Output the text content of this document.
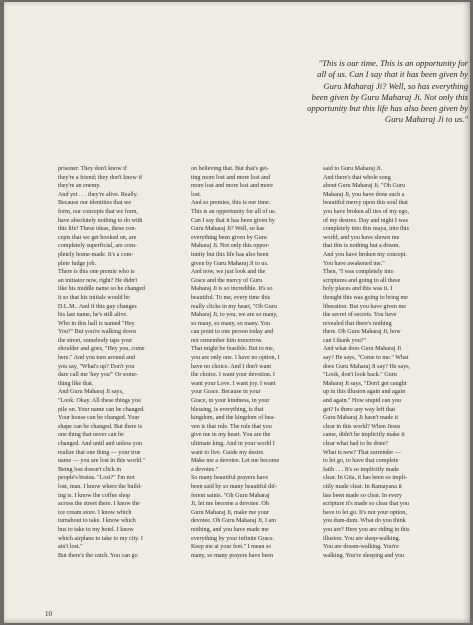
"This is our time. This is an opportunity for
all of us. Can I say that it has been given by
Guru Maharaj Ji? Well, so has everything
been given by Guru Maharaj Ji. Not only this
opportunity but this life has also been given by
Guru Maharaj Ji to us."
prisoner. They don't know if
they're a friend; they don't know if
they're an enemy.
And yet . . . they're alive. Really.
Because our identities that we
form, our concepts that we form,
have absolutely nothing to do with
this life! These ideas, these con-
cepts that we get hooked on, are
completely superficial, are com-
pletely home-made. It's a com-
plete fudge job.
There is this one premie who is
an initiator now, right? He didn't
like his middle name so he changed
it so that his initials would be
D.L.M.. And if this guy changes
his last name, he's still alive.
Who in this hall is named "Hey
You?" But you're walking down
the street, somebody taps your
shoulder and goes, "Hey you, come
here." And you turn around and
you say, "What's up? Don't you
dare call me 'hey you'" Or some-
thing like that.
And Guru Maharaj Ji says,
"Look. Okay. All these things you
pile on. Your name can be changed.
Your house can be changed. Your
shape can be changed. But there is
one thing that never can be
changed. And until and unless you
realize that one thing — your true
name — you are lost in this world."
Being lost doesn't click in
people's brains. "Lost?" I'm not
lost, man. I know where the build-
ing is. I know the coffee shop
across the street there. I know the
ice cream store. I know which
turnabout to take. I know which
bus to take to my hotel. I know
which airplane to take to my city. I
ain't lost."
But there's the catch. You can go
on believing that. But that's get-
ting more lost and more lost and
more lost and more lost and more
lost.
And so premies, this is our time.
This is an opportunity for all of us.
Can I say that it has been given by
Guru Maharaj Ji? Well, so has
everything been given by Guru
Maharaj Ji. Not only this oppor-
tunity but this life has also been
given by Guru Maharaj Ji to us.
And now, we just look and the
Grace and the mercy of Guru
Maharaj Ji is so incredible. It's so
beautiful. To me, every time this
really clicks in my heart, "Oh Guru
Maharaj Ji, to you, we are so many,
so many, so many, so many. You
can point to one person today and
not remember him tomorrow.
That might be feasible. But to me,
you are only one. I have no option, I
have no choice. And I don't want
the choice. I want your devotion. I
want your Love. I want joy. I want
your Grace. Because in your
Grace, in your kindness, in your
blessing, is everything, is that
kingdom, and the kingdom of hea-
ven is that rule. The rule that you
give me in my heart. You are the
ultimate king. And in your world I
want to live. Guide my desire.
Make me a devotee. Let me become
a devotee."
So many beautiful prayers have
been said by so many beautiful dif-
ferent saints. "Oh Guru Maharaj
Ji, let me become a devotee. Oh
Guru Maharaj Ji, make me your
devotee. Oh Guru Maharaj Ji, I am
nothing, and you have made me
everything by your infinite Grace.
Keep me at your feet." I mean so
many, so many prayers have been
said to Guru Maharaj Ji.
And there's that whole song
about Guru Maharaj Ji. "Oh Guru
Maharaj Ji, you have done such a
beautiful mercy upon this soul that
you have broken all ties of my ego,
of my desires. Day and night I was
completely into this maya, into this
world; and you have shown me
that this is nothing but a dream.
And you have broken my concept.
You have awakened me."
Then, "I was completely into
scriptures and going to all these
holy places and this was it. I
thought this was going to bring me
liberation. But you have given me
the secret of secrets. You have
revealed that there's nothing
there. Oh Guru Maharaj Ji, how
can I thank you?"
And what does Guru Maharaj Ji
say? He says, "Come to me." What
does Guru Maharaj Ji say? He says,
"Look, don't look back." Guru
Maharaj Ji says, "Don't get caught
up in this illusion again and again
and again." How stupid can you
get? Is there any way left that
Guru Maharaj Ji hasn't made it
clear in this world? When Jesus
came, didn't he implicitly make it
clear what had to be done?
What is new? That surrender —
to let go, to have that complete
faith . . . It's so implicitly made
clear. In Gita, it has been so impli-
citly made clear. In Ramayana it
has been made so clear. In every
scripture it's made so clear that you
have to let go. It's not your option,
you dum-dum. What do you think
you are? Here you are riding in this
illusion. You are sleep-walking.
You are dream-walking. You're
walking. You're sleeping and you

10
